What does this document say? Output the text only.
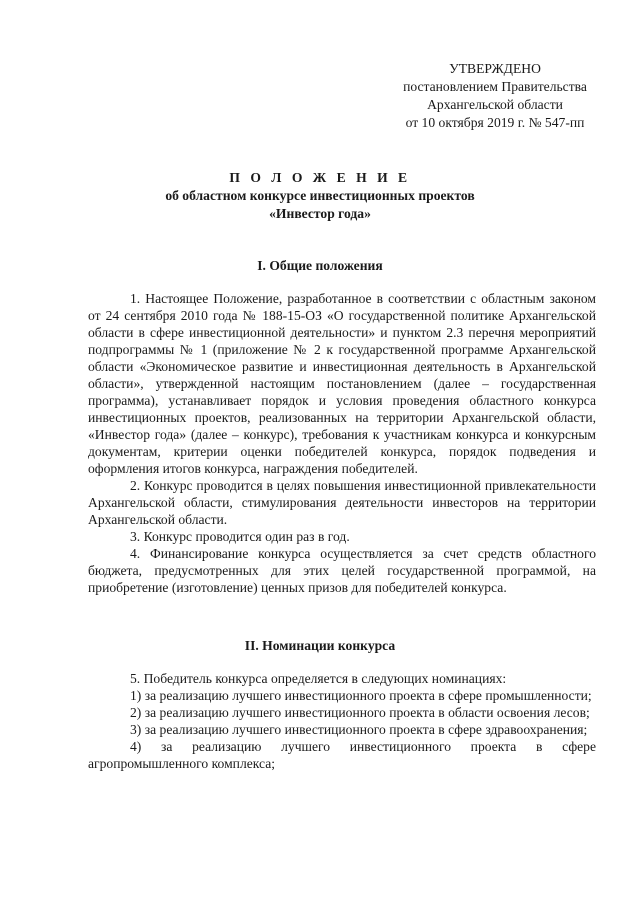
УТВЕРЖДЕНО
постановлением Правительства
Архангельской области
от 10 октября 2019 г. № 547-пп
П О Л О Ж Е Н И Е
об областном конкурсе инвестиционных проектов
«Инвестор года»
I. Общие положения

1. Настоящее Положение, разработанное в соответствии с областным законом от 24 сентября 2010 года № 188-15-ОЗ «О государственной политике Архангельской области в сфере инвестиционной деятельности» и пунктом 2.3 перечня мероприятий подпрограммы № 1 (приложение № 2 к государственной программе Архангельской области «Экономическое развитие и инвестиционная деятельность в Архангельской области», утвержденной настоящим постановлением (далее – государственная программа), устанавливает порядок и условия проведения областного конкурса инвестиционных проектов, реализованных на территории Архангельской области, «Инвестор года» (далее – конкурс), требования к участникам конкурса и конкурсным документам, критерии оценки победителей конкурса, порядок подведения и оформления итогов конкурса, награждения победителей.

2. Конкурс проводится в целях повышения инвестиционной привлекательности Архангельской области, стимулирования деятельности инвесторов на территории Архангельской области.

3. Конкурс проводится один раз в год.

4. Финансирование конкурса осуществляется за счет средств областного бюджета, предусмотренных для этих целей государственной программой, на приобретение (изготовление) ценных призов для победителей конкурса.

II. Номинации конкурса

5. Победитель конкурса определяется в следующих номинациях:

1) за реализацию лучшего инвестиционного проекта в сфере промышленности;

2) за реализацию лучшего инвестиционного проекта в области освоения лесов;

3) за реализацию лучшего инвестиционного проекта в сфере здравоохранения;

4) за реализацию лучшего инвестиционного проекта в сфере агропромышленного комплекса;
